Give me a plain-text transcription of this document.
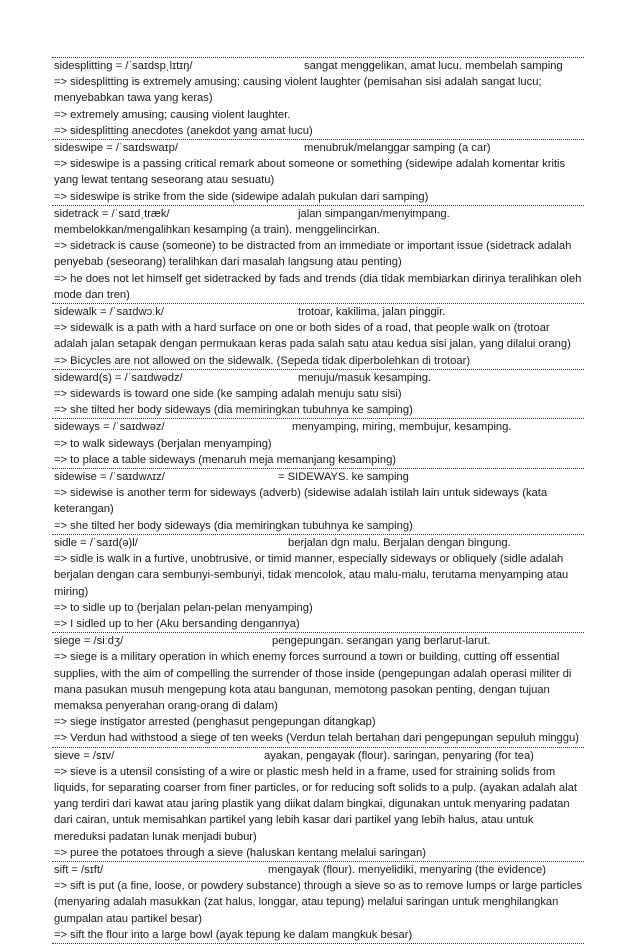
sidesplitting = /ˈsaɪdspˌlɪtɪŋ/	sangat menggelikan, amat lucu. membelah samping

=> sidesplitting is extremely amusing; causing violent laughter (pemisahan sisi adalah sangat lucu; menyebabkan tawa yang keras)

=> extremely amusing; causing violent laughter.

=> sidesplitting anecdotes (anekdot yang amat lucu)

sideswipe = /ˈsaɪdswaɪp/	menubruk/melanggar samping (a car)

=> sideswipe is a passing critical remark about someone or something (sidewipe adalah komentar kritis yang lewat tentang seseorang atau sesuatu)

=> sideswipe is strike from the side (sidewipe adalah pukulan dari samping)

sidetrack = /ˈsaɪdˌtræk/	jalan simpangan/menyimpang.

membelokkan/mengalihkan kesamping (a train). menggelincirkan.

=> sidetrack is cause (someone) to be distracted from an immediate or important issue (sidetrack adalah penyebab (seseorang) teralihkan dari masalah langsung atau penting)

=> he does not let himself get sidetracked by fads and trends (dia tidak membiarkan dirinya teralihkan oleh mode dan tren)

sidewalk = /ˈsaɪdwɔːk/	trotoar, kakilima, jalan pinggir.

=> sidewalk is a path with a hard surface on one or both sides of a road, that people walk on (trotoar adalah jalan setapak dengan permukaan keras pada salah satu atau kedua sisi jalan, yang dilalui orang)

=> Bicycles are not allowed on the sidewalk. (Sepeda tidak diperbolehkan di trotoar)

sideward(s) = /ˈsaɪdwədz/	menuju/masuk kesamping.

=> sidewards is toward one side (ke samping adalah menuju satu sisi)

=> she tilted her body sideways (dia memiringkan tubuhnya ke samping)

sideways = /ˈsaɪdwəz/	menyamping, miring, membujur, kesamping.

=> to walk sideways (berjalan menyamping)

=> to place a table sideways (menaruh meja memanjang kesamping)

sidewise = /ˈsaɪdwʌɪz/	= SIDEWAYS. ke samping

=> sidewise is another term for sideways (adverb) (sidewise adalah istilah lain untuk sideways (kata keterangan)

=> she tilted her body sideways (dia memiringkan tubuhnya ke samping)

sidle = /ˈsaɪd(ə)l/	berjalan dgn malu. Berjalan dengan bingung.

=> sidle is walk in a furtive, unobtrusive, or timid manner, especially sideways or obliquely (sidle adalah berjalan dengan cara sembunyi-sembunyi, tidak mencolok, atau malu-malu, terutama menyamping atau miring)

=> to sidle up to (berjalan pelan-pelan menyamping)

=> I sidled up to her (Aku bersanding dengannya)

siege = /siːdʒ/	pengepungan. serangan yang berlarut-larut.

=> siege is a military operation in which enemy forces surround a town or building, cutting off essential supplies, with the aim of compelling the surrender of those inside (pengepungan adalah operasi militer di mana pasukan musuh mengepung kota atau bangunan, memotong pasokan penting, dengan tujuan memaksa penyerahan orang-orang di dalam)

=> siege instigator arrested (penghasut pengepungan ditangkap)

=> Verdun had withstood a siege of ten weeks (Verdun telah bertahan dari pengepungan sepuluh minggu)

sieve = /sɪv/	ayakan, pengayak (flour). saringan, penyaring (for tea)

=> sieve is a utensil consisting of a wire or plastic mesh held in a frame, used for straining solids from liquids, for separating coarser from finer particles, or for reducing soft solids to a pulp. (ayakan adalah alat yang terdiri dari kawat atau jaring plastik yang diikat dalam bingkai, digunakan untuk menyaring padatan dari cairan, untuk memisahkan partikel yang lebih kasar dari partikel yang lebih halus, atau untuk mereduksi padatan lunak menjadi bubur)

=> puree the potatoes through a sieve (haluskan kentang melalui saringan)

sift = /sɪft/	mengayak (flour). menyelidiki, menyaring (the evidence)

=> sift is put (a fine, loose, or powdery substance) through a sieve so as to remove lumps or large particles (menyaring adalah masukkan (zat halus, longgar, atau tepung) melalui saringan untuk menghilangkan gumpalan atau partikel besar)

=> sift the flour into a large bowl (ayak tepung ke dalam mangkuk besar)
